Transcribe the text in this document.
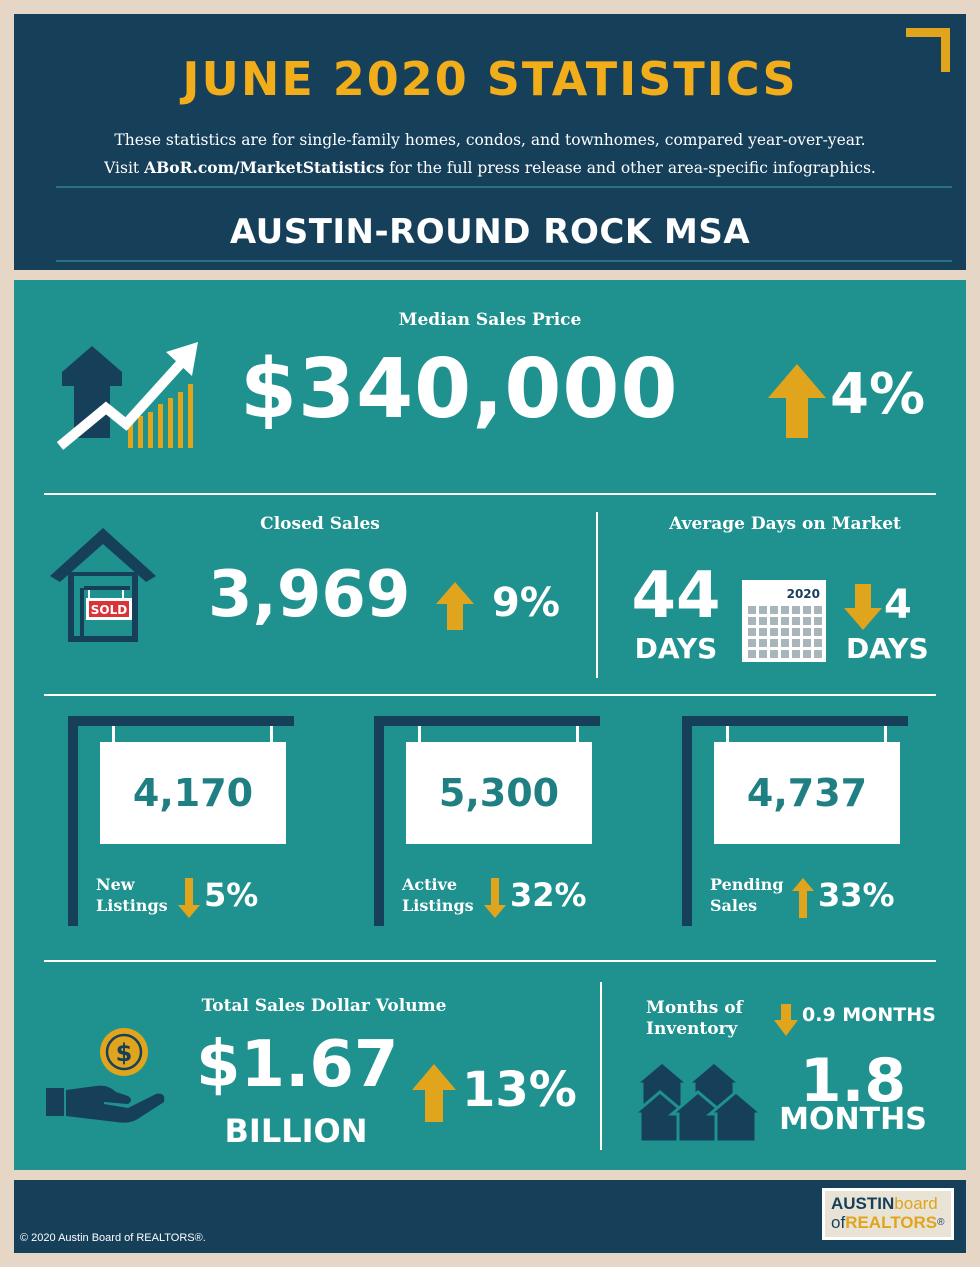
JUNE 2020 STATISTICS
These statistics are for single-family homes, condos, and townhomes, compared year-over-year.
Visit ABoR.com/MarketStatistics for the full press release and other area-specific infographics.
AUSTIN-ROUND ROCK MSA
Median Sales Price
$340,000	4%
Closed Sales
SOLD 3,969 9%
Average Days on Market
44
DAYS
2020 4
DAYS
4,170
New
Listings 5%
5,300
Active
Listings 32%
4,737
Pending
Sales	33%
Total Sales Dollar Volume
$ $1.67
BILLION
13%
Months of
Inventory
0.9 MONTHS
1.8
MONTHS
© 2020 Austin Board of REALTORS®.
AUSTINboard
ofREALTORS®
